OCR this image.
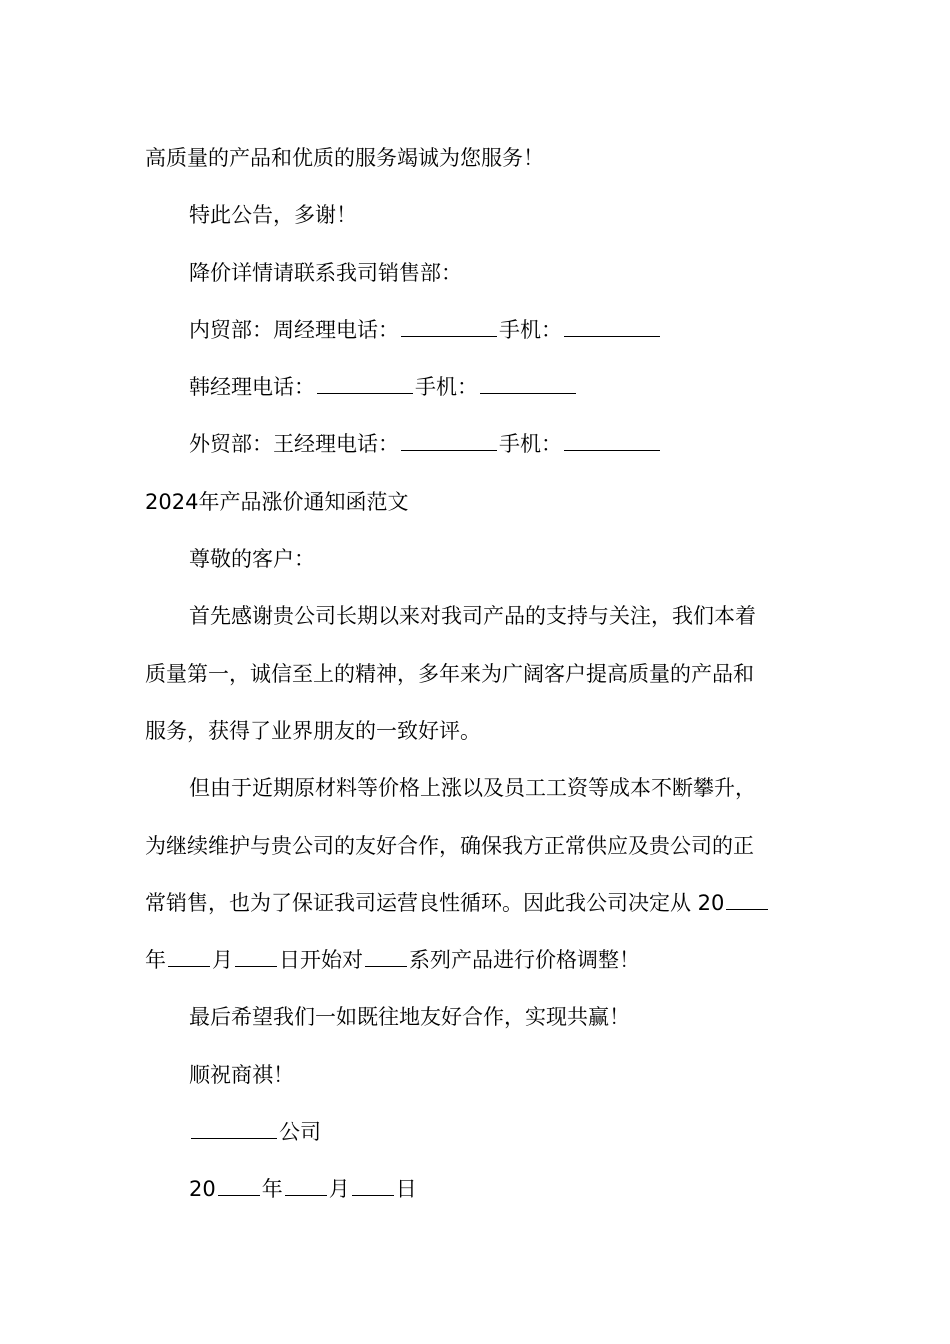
高质量的产品和优质的服务竭诚为您服务！

特此公告，多谢！

降价详情请联系我司销售部：

内贸部：周经理电话：	手机：

韩经理电话：	手机：

外贸部：王经理电话：	手机：

2024年产品涨价通知函范文

尊敬的客户：

首先感谢贵公司长期以来对我司产品的支持与关注，我们本着

质量第一，诚信至上的精神，多年来为广阔客户提高质量的产品和

服务，获得了业界朋友的一致好评。

但由于近期原材料等价格上涨以及员工工资等成本不断攀升，

为继续维护与贵公司的友好合作，确保我方正常供应及贵公司的正

常销售，也为了保证我司运营良性循环。因此我公司决定从 20

年 月 日开始对 系列产品进行价格调整！

最后希望我们一如既往地友好合作，实现共赢！

顺祝商祺！

公司

20 年 月 日
